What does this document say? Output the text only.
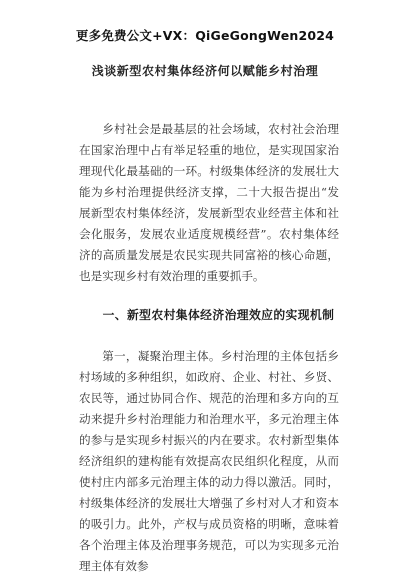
更多免费公文+VX：QiGeGongWen2024
浅谈新型农村集体经济何以赋能乡村治理

乡村社会是最基层的社会场域，农村社会治理在国家治理中占有举足轻重的地位，是实现国家治理现代化最基础的一环。村级集体经济的发展壮大能为乡村治理提供经济支撑，二十大报告提出“发展新型农村集体经济，发展新型农业经营主体和社会化服务，发展农业适度规模经营”。农村集体经济的高质量发展是农民实现共同富裕的核心命题，也是实现乡村有效治理的重要抓手。

一、新型农村集体经济治理效应的实现机制

第一，凝聚治理主体。乡村治理的主体包括乡村场域的多种组织，如政府、企业、村社、乡贤、农民等，通过协同合作、规范的治理和多方向的互动来提升乡村治理能力和治理水平，多元治理主体的参与是实现乡村振兴的内在要求。农村新型集体经济组织的建构能有效提高农民组织化程度，从而使村庄内部多元治理主体的动力得以激活。同时，村级集体经济的发展壮大增强了乡村对人才和资本的吸引力。此外，产权与成员资格的明晰，意味着各个治理主体及治理事务规范，可以为实现多元治理主体有效参
